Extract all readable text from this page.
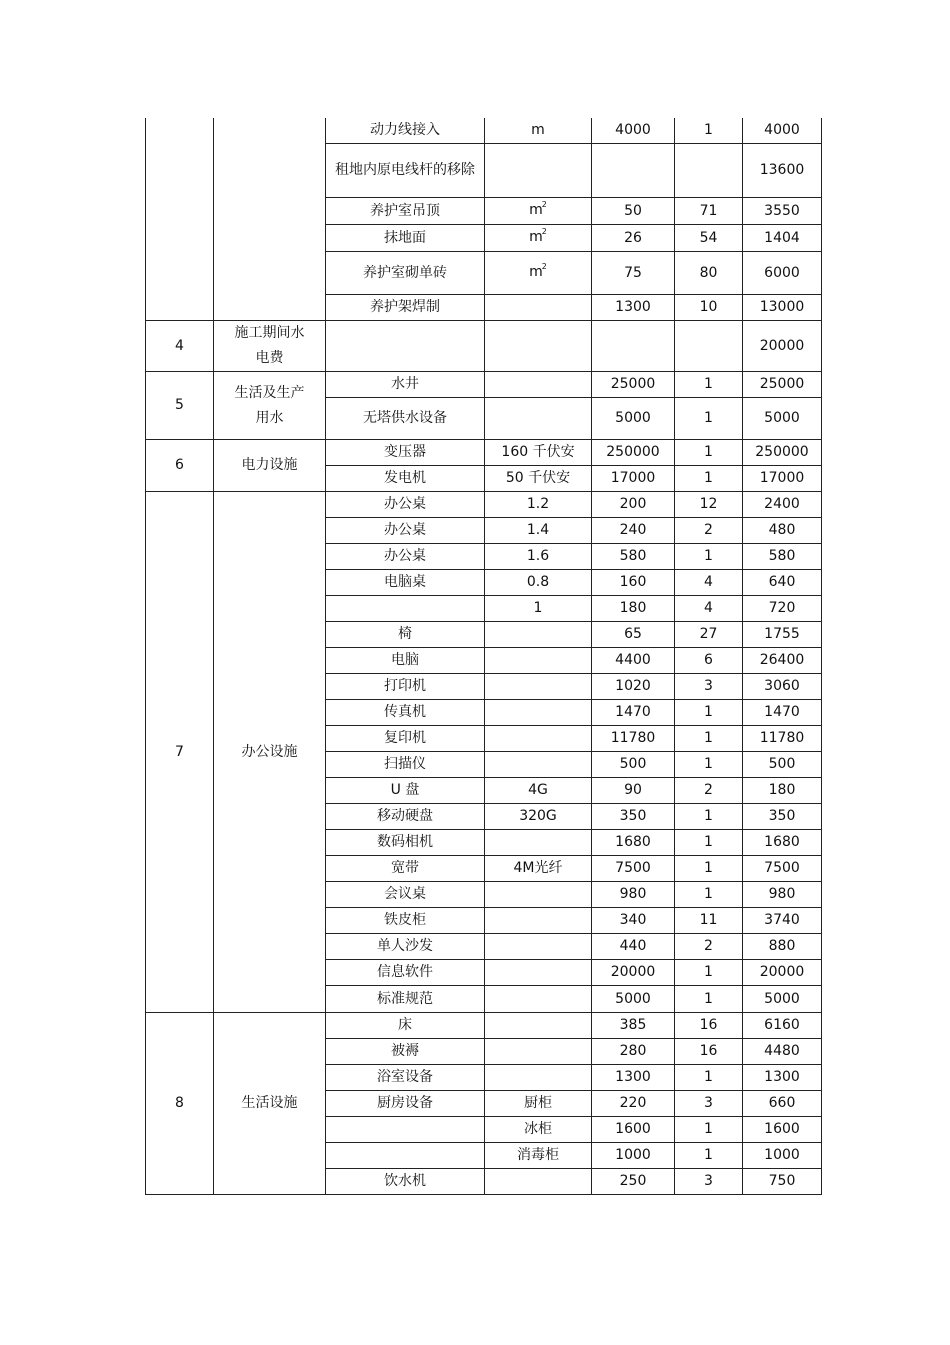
		动力线接入	m	4000	1	4000
		租地内原电线杆的移除				13600
		养护室吊顶	$m^2$	50	71	3550
		抹地面	$m^2$	26	54	1404
		养护室砌单砖	$m^2$	75	80	6000
		养护架焊制		1300	10	13000
4	施工期间水电费					20000
5	生活及生产用水	水井		25000	1	25000
		无塔供水设备		5000	1	5000
6	电力设施	变压器	160 千伏安	250000	1	250000
		发电机	50 千伏安	17000	1	17000
7	办公设施	办公桌	1.2	200	12	2400
		办公桌	1.4	240	2	480
		办公桌	1.6	580	1	580
		电脑桌	0.8	160	4	640
			1	180	4	720
		椅		65	27	1755
		电脑		4400	6	26400
		打印机		1020	3	3060
		传真机		1470	1	1470
		复印机		11780	1	11780
		扫描仪		500	1	500
		U 盘	4G	90	2	180
		移动硬盘	320G	350	1	350
		数码相机		1680	1	1680
		宽带	4M光纤	7500	1	7500
		会议桌		980	1	980
		铁皮柜		340	11	3740
		单人沙发		440	2	880
		信息软件		20000	1	20000
		标准规范		5000	1	5000
8	生活设施	床		385	16	6160
		被褥		280	16	4480
		浴室设备		1300	1	1300
		厨房设备	厨柜	220	3	660
			冰柜	1600	1	1600
			消毒柜	1000	1	1000
		饮水机		250	3	750
